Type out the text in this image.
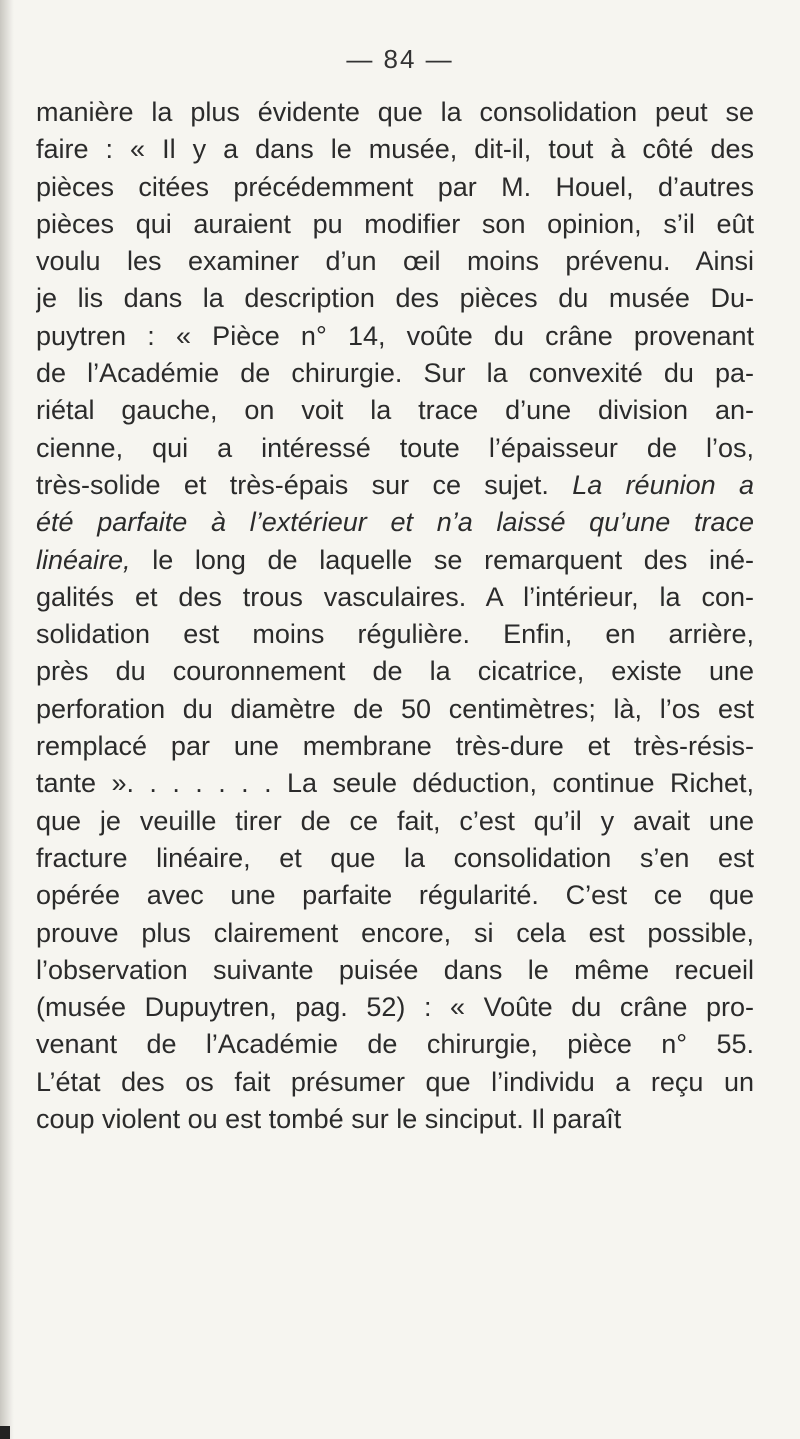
— 84 —
manière la plus évidente que la consolidation peut se
faire : « Il y a dans le musée, dit-il, tout à côté des
pièces citées précédemment par M. Houel, d’autres
pièces qui auraient pu modifier son opinion, s’il eût
voulu les examiner d’un œil moins prévenu. Ainsi
je lis dans la description des pièces du musée Du-
puytren : « Pièce n° 14, voûte du crâne provenant
de l’Académie de chirurgie. Sur la convexité du pa-
riétal gauche, on voit la trace d’une division an-
cienne, qui a intéressé toute l’épaisseur de l’os,
très-solide et très-épais sur ce sujet. La réunion a
été parfaite à l’extérieur et n’a laissé qu’une trace
linéaire, le long de laquelle se remarquent des iné-
galités et des trous vasculaires. A l’intérieur, la con-
solidation est moins régulière. Enfin, en arrière,
près du couronnement de la cicatrice, existe une
perforation du diamètre de 50 centimètres; là, l’os est
remplacé par une membrane très-dure et très-résis-
tante ». . . . . . . La seule déduction, continue Richet,
que je veuille tirer de ce fait, c’est qu’il y avait une
fracture linéaire, et que la consolidation s’en est
opérée avec une parfaite régularité. C’est ce que
prouve plus clairement encore, si cela est possible,
l’observation suivante puisée dans le même recueil
(musée Dupuytren, pag. 52) : « Voûte du crâne pro-
venant de l’Académie de chirurgie, pièce n° 55.
L’état des os fait présumer que l’individu a reçu un
coup violent ou est tombé sur le sinciput. Il paraît
